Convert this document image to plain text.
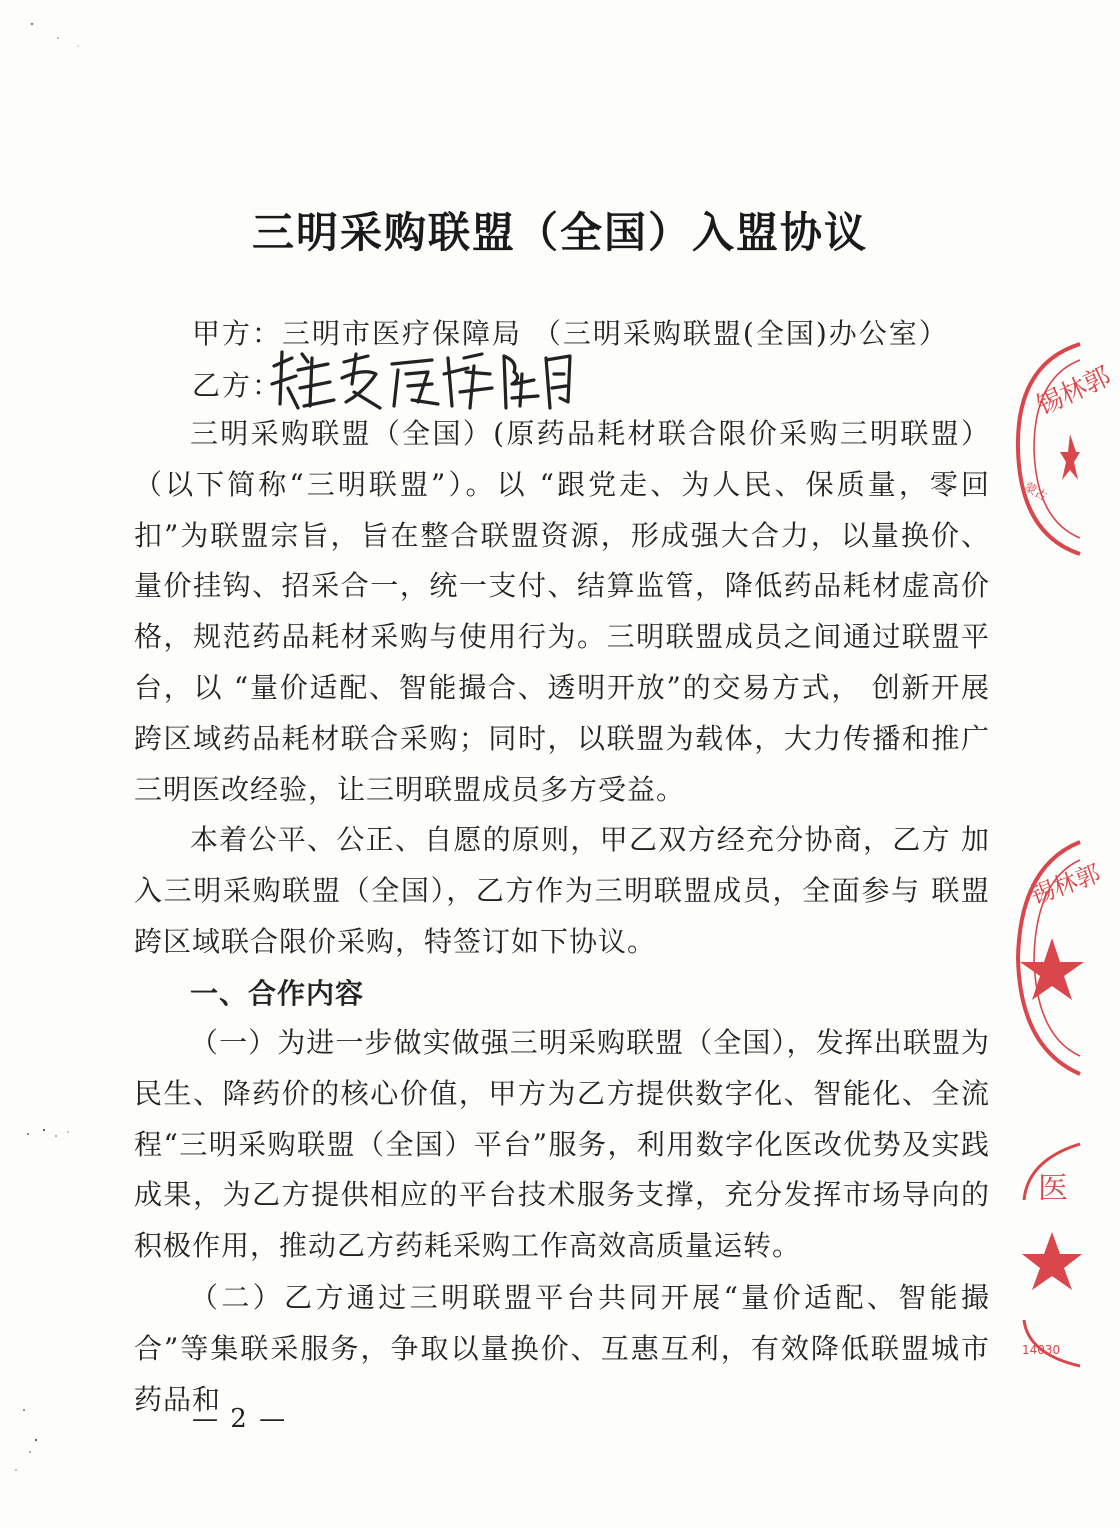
三明采购联盟（全国）入盟协议
甲方：三明市医疗保障局 （三明采购联盟(全国)办公室）
乙方：

三明采购联盟（全国）(原药品耗材联合限价采购三明联盟）（以下简称“三明联盟”）。以 “跟党走、为人民、保质量，零回扣”为联盟宗旨，旨在整合联盟资源，形成强大合力，以量换价、量价挂钩、招采合一，统一支付、结算监管，降低药品耗材虚高价格，规范药品耗材采购与使用行为。三明联盟成员之间通过联盟平台，以 “量价适配、智能撮合、透明开放”的交易方式， 创新开展跨区域药品耗材联合采购；同时，以联盟为载体，大力传播和推广三明医改经验，让三明联盟成员多方受益。

本着公平、公正、自愿的原则，甲乙双方经充分协商，乙方 加入三明采购联盟（全国），乙方作为三明联盟成员，全面参与 联盟跨区域联合限价采购，特签订如下协议。

一、合作内容

（一）为进一步做实做强三明采购联盟（全国），发挥出联盟为民生、降药价的核心价值，甲方为乙方提供数字化、智能化、全流程“三明采购联盟（全国）平台”服务，利用数字化医改优势及实践成果，为乙方提供相应的平台技术服务支撑，充分发挥市场导向的积极作用，推动乙方药耗采购工作高效高质量运转。

（二）乙方通过三明联盟平台共同开展“量价适配、智能撮合”等集联采服务，争取以量换价、互惠互利，有效降低联盟城市药品和

— 2 —
锡林郭
蒙古
锡林郭
医
14030
